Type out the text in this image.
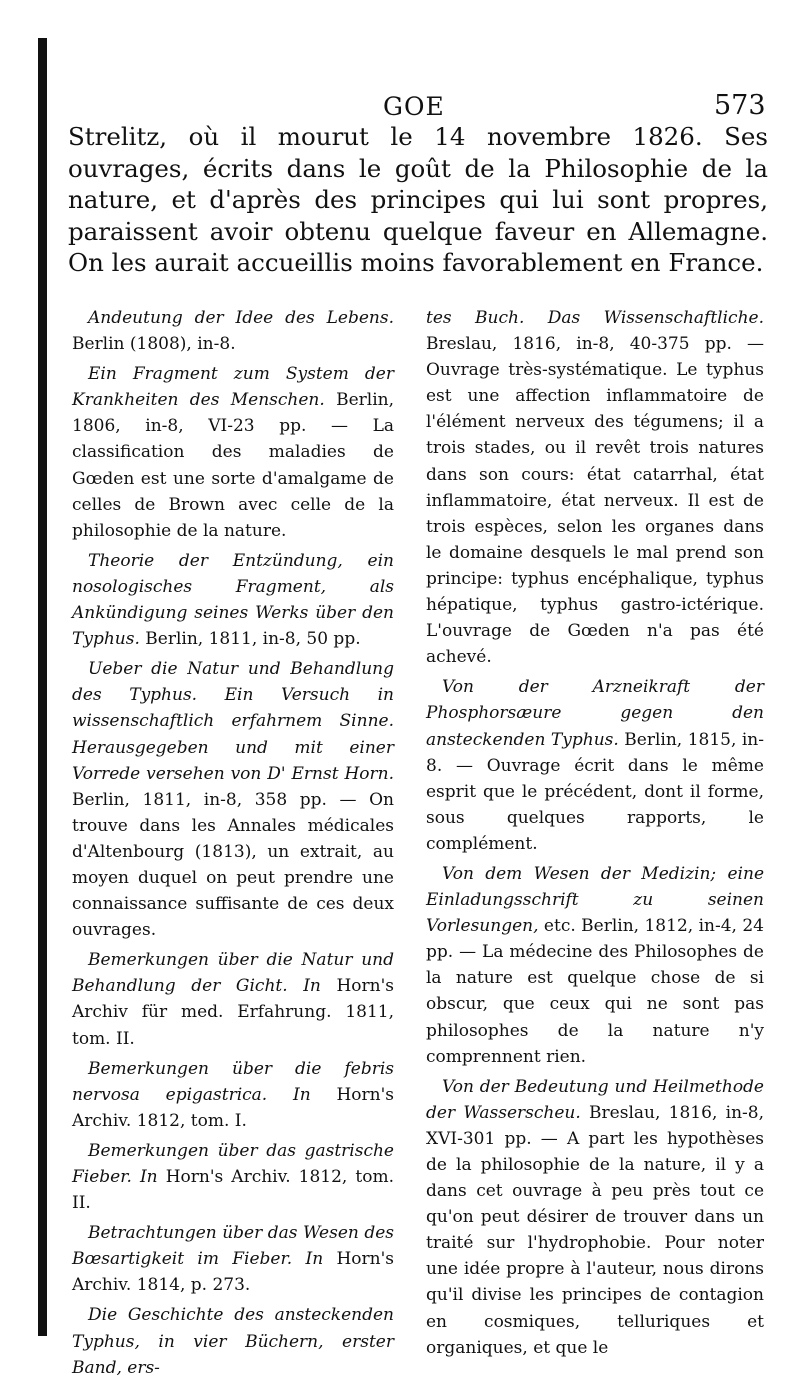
GOE	573
Strelitz, où il mourut le 14 novembre 1826. Ses ouvrages, écrits dans le goût de la Philosophie de la nature, et d'après des principes qui lui sont propres, paraissent avoir obtenu quelque faveur en Allemagne. On les aurait accueillis moins favorablement en France.

Andeutung der Idee des Lebens. Berlin (1808), in-8.

Ein Fragment zum System der Krankheiten des Menschen. Berlin, 1806, in-8, VI-23 pp. — La classification des maladies de Gœden est une sorte d'amalgame de celles de Brown avec celle de la philosophie de la nature.

Theorie der Entzündung, ein nosologisches Fragment, als Ankündigung seines Werks über den Typhus. Berlin, 1811, in-8, 50 pp.

Ueber die Natur und Behandlung des Typhus. Ein Versuch in wissenschaftlich erfahrnem Sinne. Herausgegeben und mit einer Vorrede versehen von D' Ernst Horn. Berlin, 1811, in-8, 358 pp. — On trouve dans les Annales médicales d'Altenbourg (1813), un extrait, au moyen duquel on peut prendre une connaissance suffisante de ces deux ouvrages.

Bemerkungen über die Natur und Behandlung der Gicht. In Horn's Archiv für med. Erfahrung. 1811, tom. II.

Bemerkungen über die febris nervosa epigastrica. In Horn's Archiv. 1812, tom. I.

Bemerkungen über das gastrische Fieber. In Horn's Archiv. 1812, tom. II.

Betrachtungen über das Wesen des Bœsartigkeit im Fieber. In Horn's Archiv. 1814, p. 273.

Die Geschichte des ansteckenden Typhus, in vier Büchern, erster Band, ers-

tes Buch. Das Wissenschaftliche. Breslau, 1816, in-8, 40-375 pp. — Ouvrage très-systématique. Le typhus est une affection inflammatoire de l'élément nerveux des tégumens; il a trois stades, ou il revêt trois natures dans son cours: état catarrhal, état inflammatoire, état nerveux. Il est de trois espèces, selon les organes dans le domaine desquels le mal prend son principe: typhus encéphalique, typhus hépatique, typhus gastro-ictérique. L'ouvrage de Gœden n'a pas été achevé.

Von der Arzneikraft der Phosphorsæure gegen den ansteckenden Typhus. Berlin, 1815, in-8. — Ouvrage écrit dans le même esprit que le précédent, dont il forme, sous quelques rapports, le complément.

Von dem Wesen der Medizin; eine Einladungsschrift zu seinen Vorlesungen, etc. Berlin, 1812, in-4, 24 pp. — La médecine des Philosophes de la nature est quelque chose de si obscur, que ceux qui ne sont pas philosophes de la nature n'y comprennent rien.

Von der Bedeutung und Heilmethode der Wasserscheu. Breslau, 1816, in-8, XVI-301 pp. — A part les hypothèses de la philosophie de la nature, il y a dans cet ouvrage à peu près tout ce qu'on peut désirer de trouver dans un traité sur l'hydrophobie. Pour noter une idée propre à l'auteur, nous dirons qu'il divise les principes de contagion en cosmiques, telluriques et organiques, et que le
